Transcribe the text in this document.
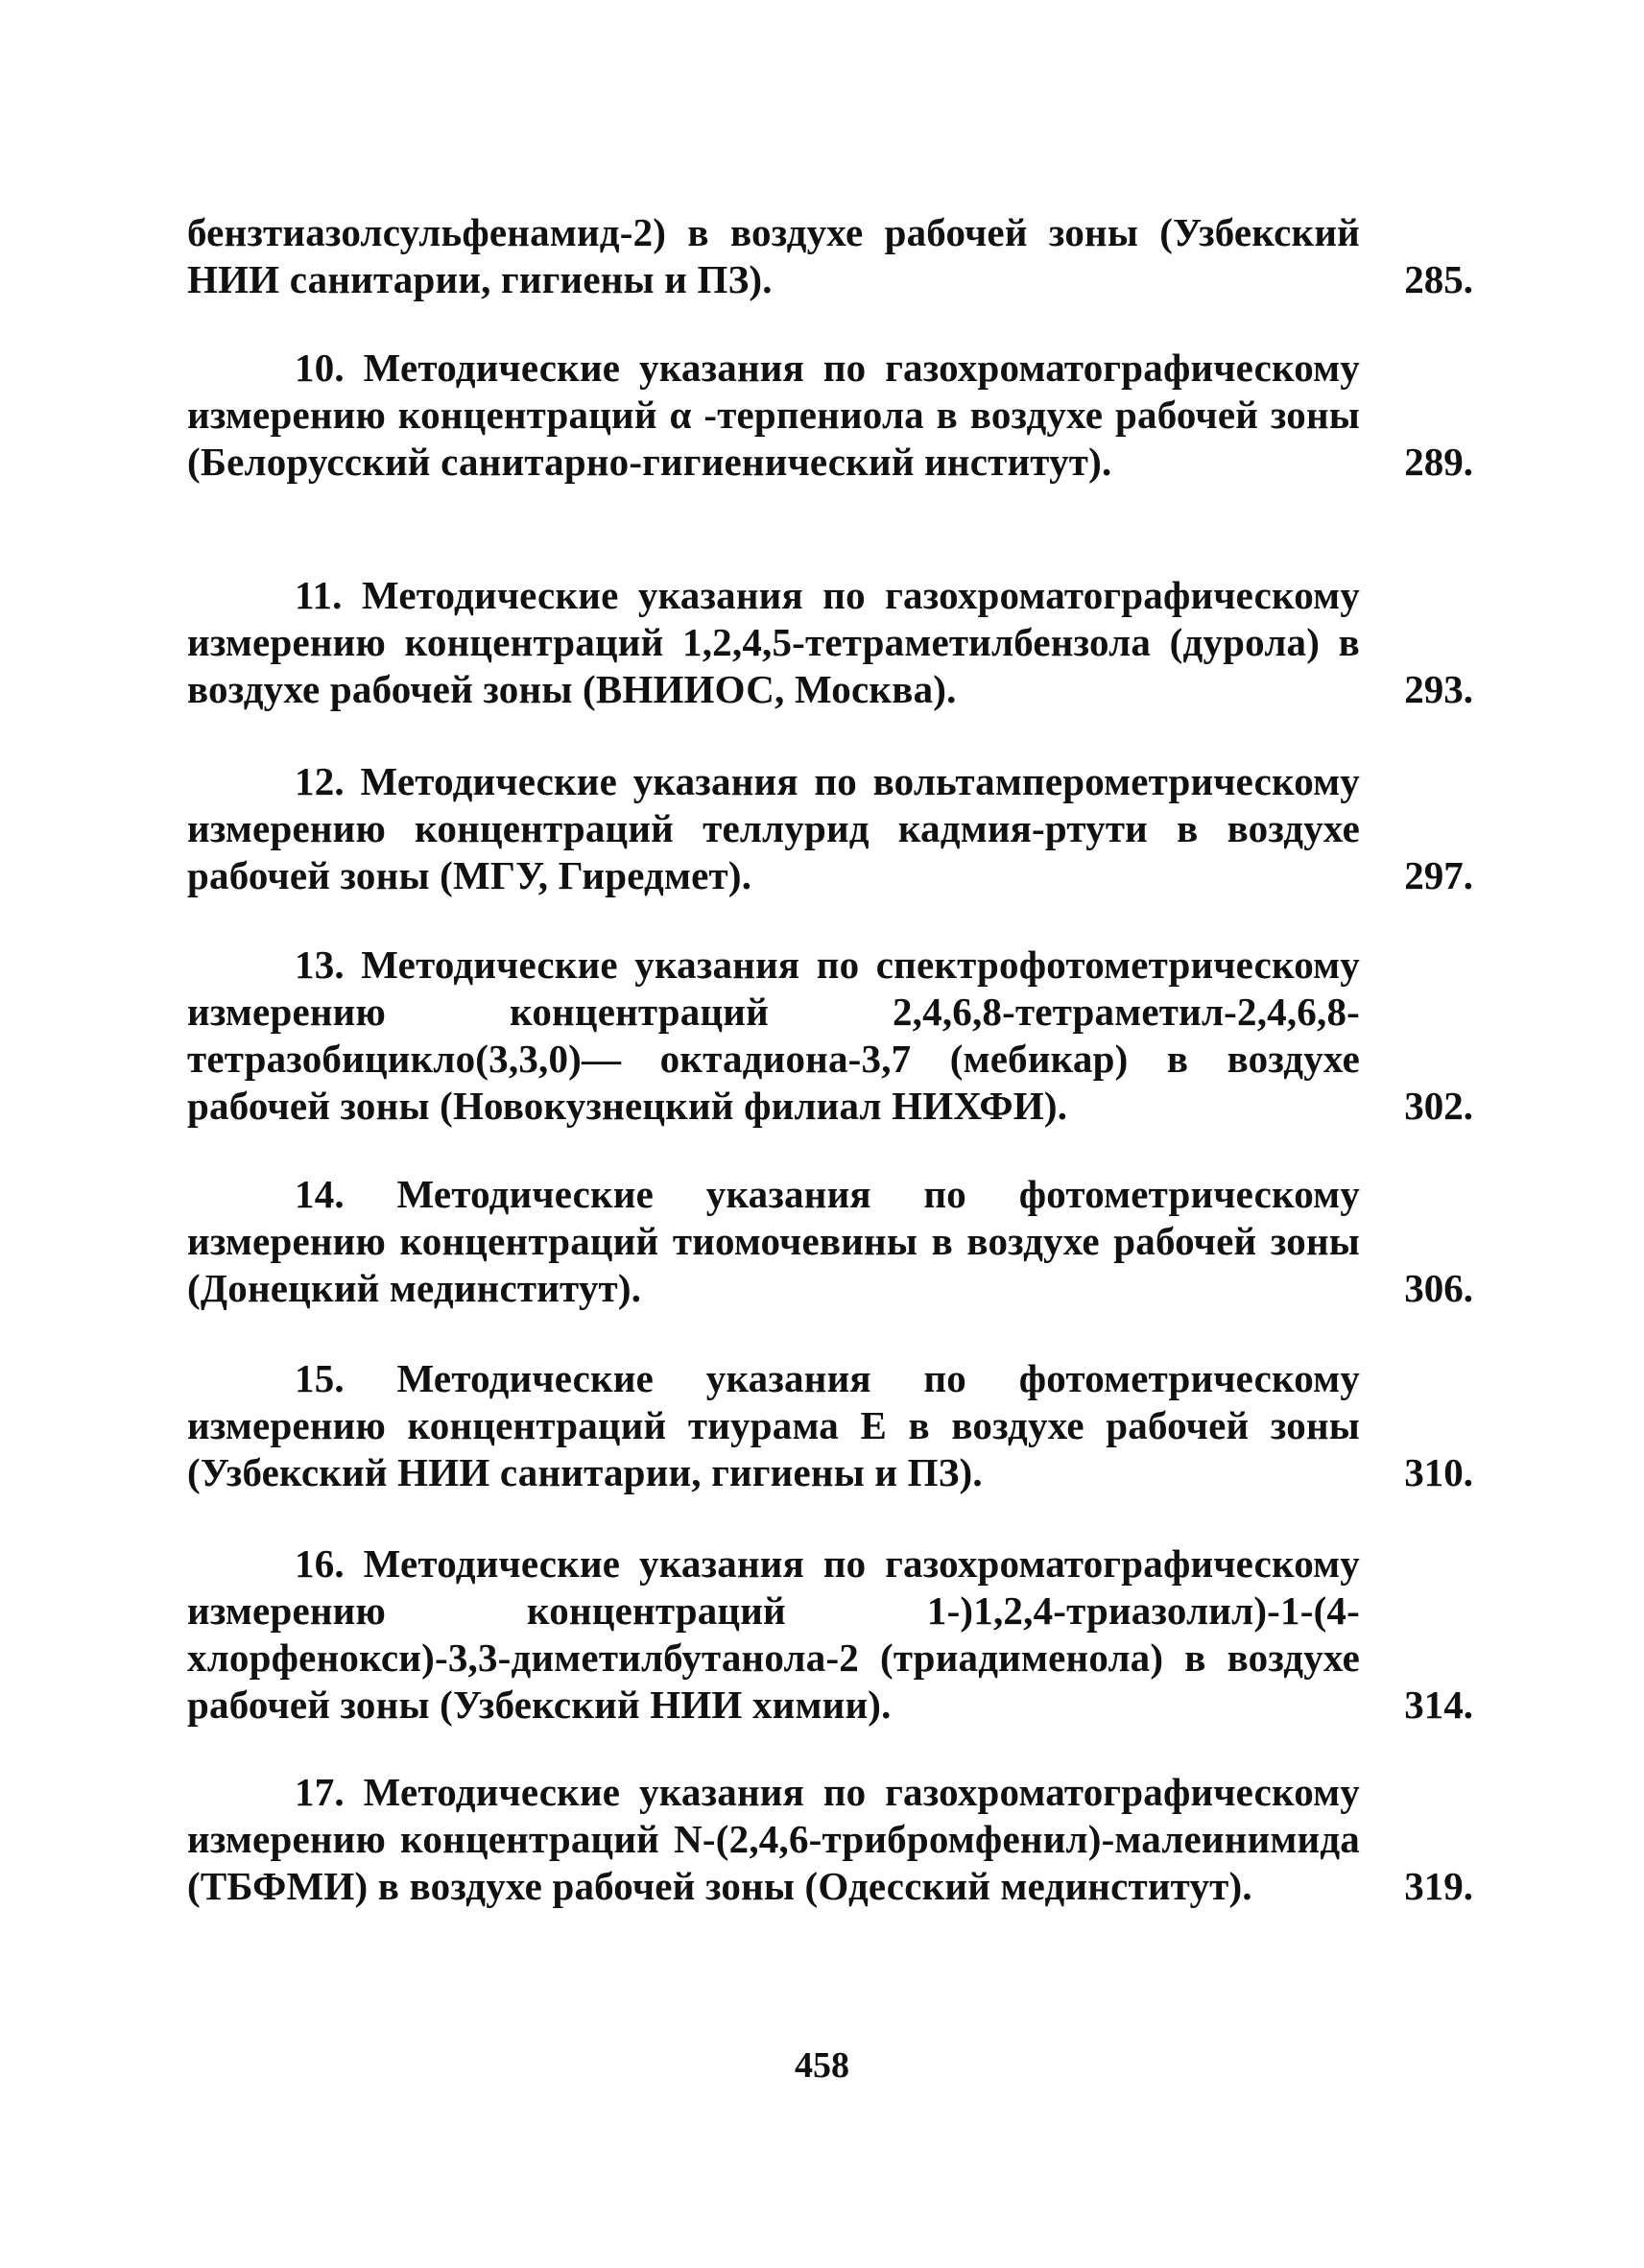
бензтиазолсульфенамид-2) в воздухе рабочей зоны (Узбекский НИИ санитарии, гигиены и ПЗ).	285.
10. Методические указания по газохроматографическому измерению концентраций α -терпениола в воздухе рабочей зоны (Белорусский санитарно-гигиенический институт).	289.
11. Методические указания по газохроматографическому измерению концентраций 1,2,4,5-тетраметилбензола (дурола) в воздухе рабочей зоны (ВНИИОС, Москва).	293.
12. Методические указания по вольтамперометрическому измерению концентраций теллурид кадмия-ртути в воздухе рабочей зоны (МГУ, Гиредмет).	297.
13. Методические указания по спектрофотометрическому измерению концентраций 2,4,6,8-тетраметил-2,4,6,8-тетразобицикло(3,3,0)— октадиона-3,7 (мебикар) в воздухе рабочей зоны (Новокузнецкий филиал НИХФИ).	302.
14. Методические указания по фотометрическому измерению концентраций тиомочевины в воздухе рабочей зоны (Донецкий мединститут).	306.
15. Методические указания по фотометрическому измерению концентраций тиурама Е в воздухе рабочей зоны (Узбекский НИИ санитарии, гигиены и ПЗ).	310.
16. Методические указания по газохроматографическому измерению концентраций 1-)1,2,4-триазолил)-1-(4-хлорфенокси)-3,3-диметилбутанола-2 (триадименола) в воздухе рабочей зоны (Узбекский НИИ химии).	314.
17. Методические указания по газохроматографическому измерению концентраций N-(2,4,6-трибромфенил)-малеинимида (ТБФМИ) в воздухе рабочей зоны (Одесский мединститут).	319.
458
